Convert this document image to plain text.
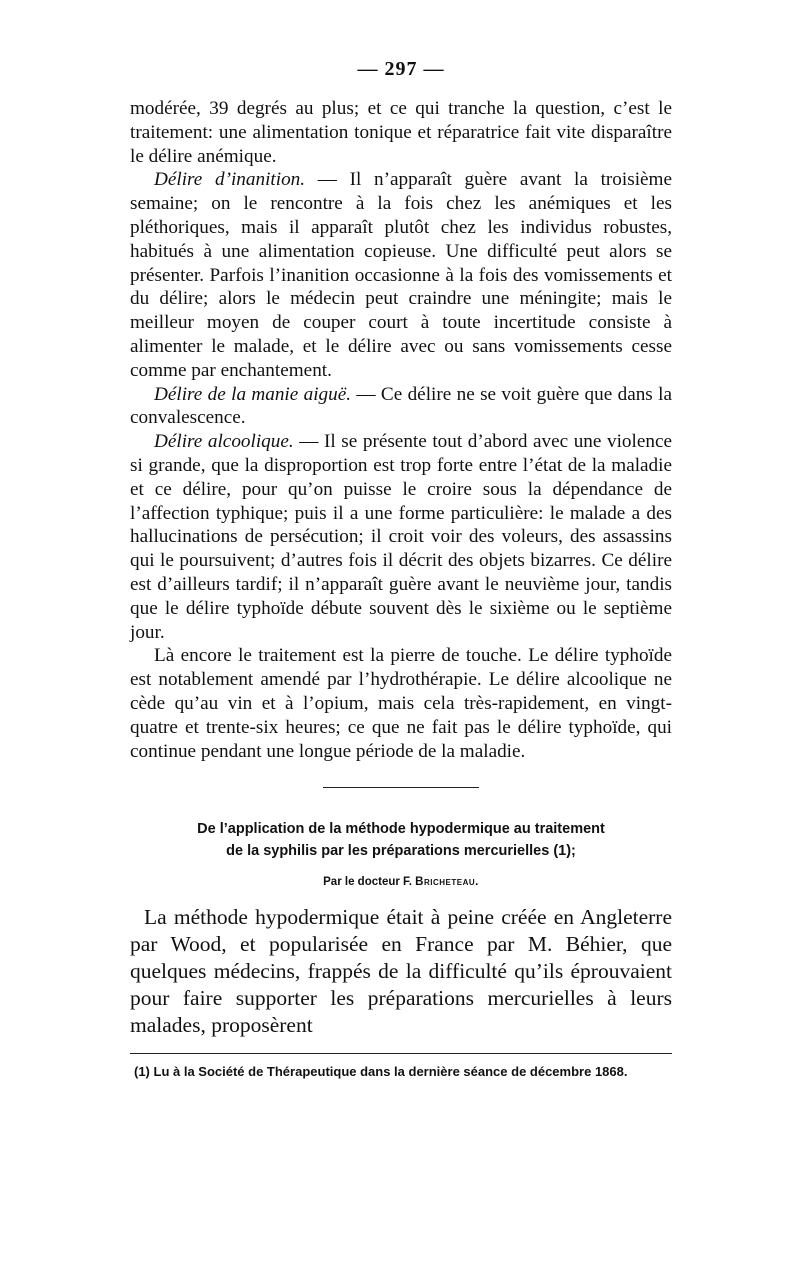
— 297 —

modérée, 39 degrés au plus; et ce qui tranche la question, c’est le traitement: une alimentation tonique et réparatrice fait vite disparaître le délire anémique.

Délire d’inanition. — Il n’apparaît guère avant la troisième semaine; on le rencontre à la fois chez les anémiques et les pléthoriques, mais il apparaît plutôt chez les individus robustes, habitués à une alimentation copieuse. Une difficulté peut alors se présenter. Parfois l’inanition occasionne à la fois des vomissements et du délire; alors le médecin peut craindre une méningite; mais le meilleur moyen de couper court à toute incertitude consiste à alimenter le malade, et le délire avec ou sans vomissements cesse comme par enchantement.

Délire de la manie aiguë. — Ce délire ne se voit guère que dans la convalescence.

Délire alcoolique. — Il se présente tout d’abord avec une violence si grande, que la disproportion est trop forte entre l’état de la maladie et ce délire, pour qu’on puisse le croire sous la dépendance de l’affection typhique; puis il a une forme particulière: le malade a des hallucinations de persécution; il croit voir des voleurs, des assassins qui le poursuivent; d’autres fois il décrit des objets bizarres. Ce délire est d’ailleurs tardif; il n’apparaît guère avant le neuvième jour, tandis que le délire typhoïde débute souvent dès le sixième ou le septième jour.

Là encore le traitement est la pierre de touche. Le délire typhoïde est notablement amendé par l’hydrothérapie. Le délire alcoolique ne cède qu’au vin et à l’opium, mais cela très-rapidement, en vingt-quatre et trente-six heures; ce que ne fait pas le délire typhoïde, qui continue pendant une longue période de la maladie.

De l’application de la méthode hypodermique au traitement

de la syphilis par les préparations mercurielles (1);

Par le docteur F. Bricheteau.

La méthode hypodermique était à peine créée en Angleterre par Wood, et popularisée en France par M. Béhier, que quelques médecins, frappés de la difficulté qu’ils éprouvaient pour faire supporter les préparations mercurielles à leurs malades, proposèrent

(1) Lu à la Société de Thérapeutique dans la dernière séance de décembre 1868.
